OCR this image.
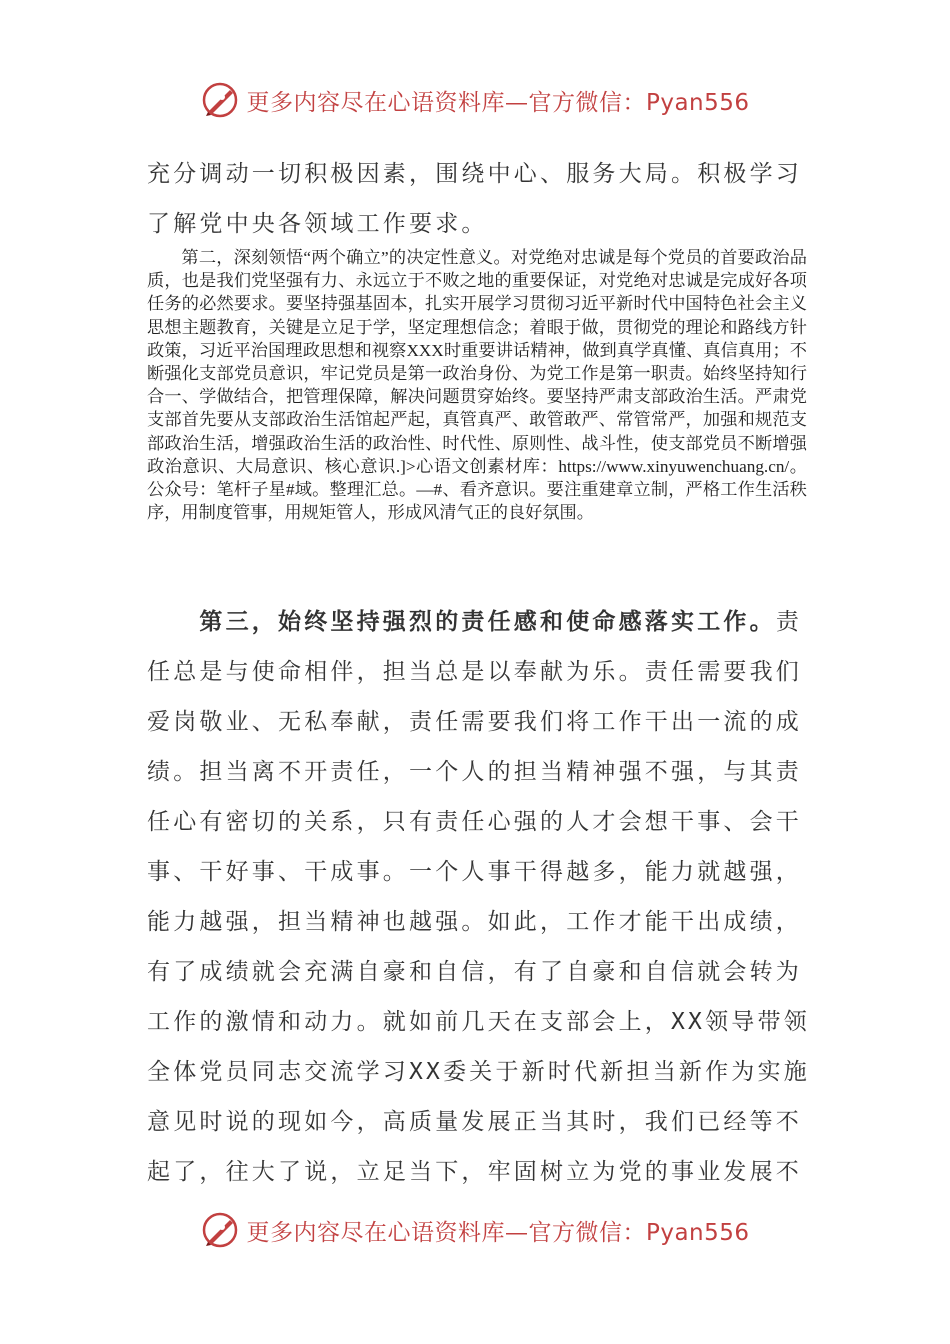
更多内容尽在心语资料库—官方微信：Pyan556
充分调动一切积极因素，围绕中心、服务大局。积极学习
了解党中央各领域工作要求。

第二，深刻领悟“两个确立”的决定性意义。对党绝对忠诚是每个党员的首要政治品质，也是我们党坚强有力、永远立于不败之地的重要保证，对党绝对忠诚是完成好各项任务的必然要求。要坚持强基固本，扎实开展学习贯彻习近平新时代中国特色社会主义思想主题教育，关键是立足于学，坚定理想信念；着眼于做，贯彻党的理论和路线方针政策，习近平治国理政思想和视察XXX时重要讲话精神，做到真学真懂、真信真用；不断强化支部党员意识，牢记党员是第一政治身份、为党工作是第一职责。始终坚持知行合一、学做结合，把管理保障，解决问题贯穿始终。要坚持严肃支部政治生活。严肃党支部首先要从支部政治生活馆起严起，真管真严、敢管敢严、常管常严，加强和规范支部政治生活，增强政治生活的政治性、时代性、原则性、战斗性，使支部党员不断增强政治意识、大局意识、核心意识.]>心语文创素材库：https://www.xinyuwenchuang.cn/。公众号：笔杆子星#域。整理汇总。—#、看齐意识。要注重建章立制，严格工作生活秩序，用制度管事，用规矩管人，形成风清气正的良好氛围。

　　第三，始终坚持强烈的责任感和使命感落实工作。责
任总是与使命相伴，担当总是以奉献为乐。责任需要我们
爱岗敬业、无私奉献，责任需要我们将工作干出一流的成
绩。担当离不开责任，一个人的担当精神强不强，与其责
任心有密切的关系，只有责任心强的人才会想干事、会干
事、干好事、干成事。一个人事干得越多，能力就越强，
能力越强，担当精神也越强。如此，工作才能干出成绩，
有了成绩就会充满自豪和自信，有了自豪和自信就会转为
工作的激情和动力。就如前几天在支部会上，XX领导带领
全体党员同志交流学习XX委关于新时代新担当新作为实施
意见时说的现如今，高质量发展正当其时，我们已经等不
起了，往大了说，立足当下，牢固树立为党的事业发展不
更多内容尽在心语资料库—官方微信：Pyan556
